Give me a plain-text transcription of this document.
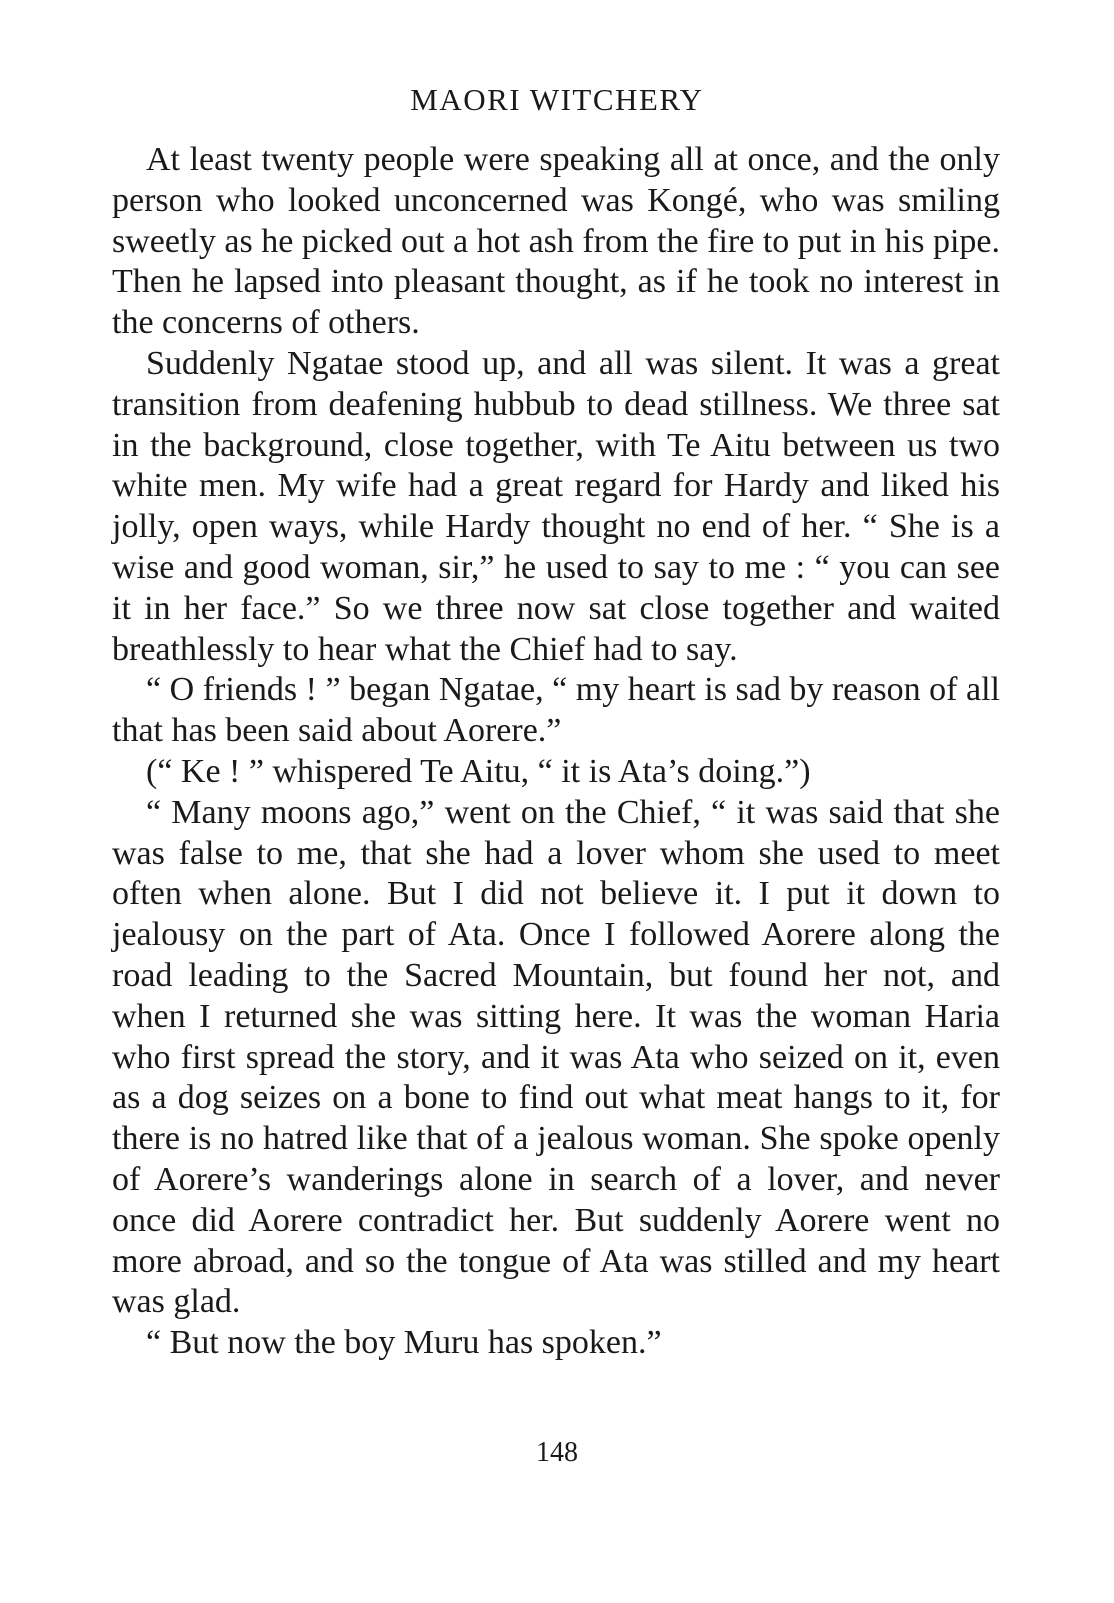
MAORI WITCHERY

At least twenty people were speaking all at once, and the only person who looked unconcerned was Kongé, who was smiling sweetly as he picked out a hot ash from the fire to put in his pipe. Then he lapsed into pleasant thought, as if he took no interest in the concerns of others.

Suddenly Ngatae stood up, and all was silent. It was a great transition from deafening hubbub to dead stillness. We three sat in the background, close together, with Te Aitu between us two white men. My wife had a great regard for Hardy and liked his jolly, open ways, while Hardy thought no end of her. “ She is a wise and good woman, sir,” he used to say to me : “ you can see it in her face.” So we three now sat close together and waited breathlessly to hear what the Chief had to say.

“ O friends ! ” began Ngatae, “ my heart is sad by reason of all that has been said about Aorere.”

(“ Ke ! ” whispered Te Aitu, “ it is Ata’s doing.”)

“ Many moons ago,” went on the Chief, “ it was said that she was false to me, that she had a lover whom she used to meet often when alone. But I did not believe it. I put it down to jealousy on the part of Ata. Once I followed Aorere along the road leading to the Sacred Mountain, but found her not, and when I returned she was sitting here. It was the woman Haria who first spread the story, and it was Ata who seized on it, even as a dog seizes on a bone to find out what meat hangs to it, for there is no hatred like that of a jealous woman. She spoke openly of Aorere’s wanderings alone in search of a lover, and never once did Aorere contradict her. But suddenly Aorere went no more abroad, and so the tongue of Ata was stilled and my heart was glad.

“ But now the boy Muru has spoken.”

148
